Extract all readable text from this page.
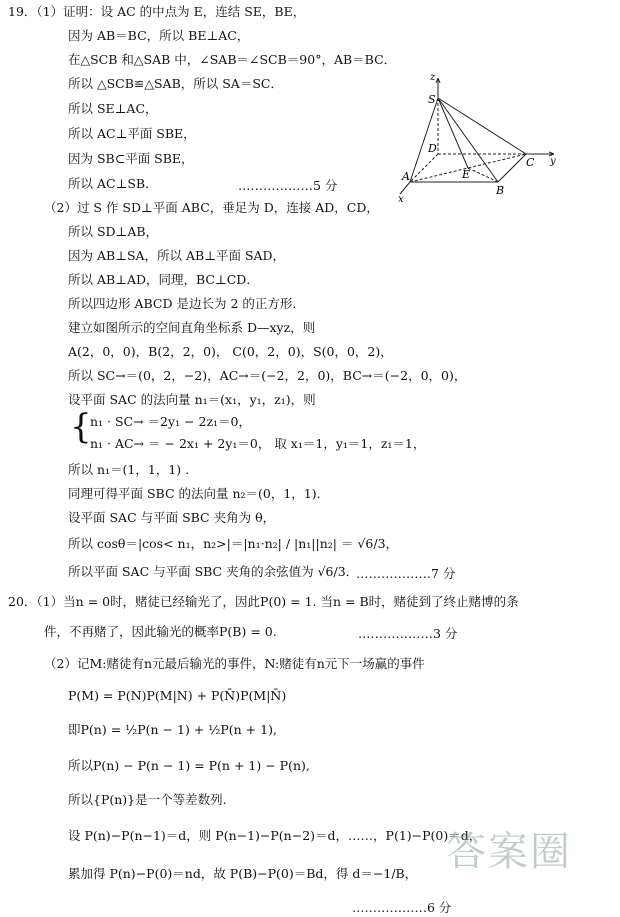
19．（1）证明：设 AC 的中点为 E，连结 SE，BE，
因为 AB＝BC，所以 BE⊥AC，
在△SCB 和△SAB 中，∠SAB＝∠SCB＝90°，AB＝BC．
所以 △SCB≌△SAB，所以 SA＝SC．
所以 SE⊥AC，
所以 AC⊥平面 SBE，
因为 SB⊂平面 SBE，
所以 AC⊥SB．	………………5 分
z
S
D
C y
A	E
B
x
（2）过 S 作 SD⊥平面 ABC，垂足为 D，连接 AD，CD，
所以 SD⊥AB，
因为 AB⊥SA，所以 AB⊥平面 SAD，
所以 AB⊥AD，同理，BC⊥CD．
所以四边形 ABCD 是边长为 2 的正方形．
建立如图所示的空间直角坐标系 D—xyz，则
A(2，0，0)，B(2，2，0)， C(0，2，0)，S(0，0，2)，
所以 SC→＝(0，2，−2)，AC→＝(−2，2，0)，BC→＝(−2，0，0)，
设平面 SAC 的法向量 n₁＝(x₁，y₁，z₁)，则
{
n₁ · SC→ ＝2y₁ − 2z₁＝0，
n₁ · AC→ ＝ − 2x₁ + 2y₁＝0， 取 x₁＝1，y₁＝1，z₁＝1，
所以 n₁＝(1，1，1) .
同理可得平面 SBC 的法向量 n₂＝(0，1，1)．
设平面 SAC 与平面 SBC 夹角为 θ，
所以 cosθ＝|cos< n₁，n₂>|＝|n₁·n₂| / |n₁||n₂| ＝ √6/3，
所以平面 SAC 与平面 SBC 夹角的余弦值为 √6/3．
………………7 分
20．（1）当n = 0时，赌徒已经输光了，因此P(0) = 1. 当n = B时，赌徒到了终止赌博的条
件，不再赌了，因此输光的概率P(B) = 0.	………………3 分
（2）记M:赌徒有n元最后输光的事件，N:赌徒有n元下一场赢的事件
P(M) = P(N)P(M|N) + P(N̄)P(M|N̄)
即P(n) = ½P(n − 1) + ½P(n + 1),
所以P(n) − P(n − 1) = P(n + 1) − P(n),
所以{P(n)}是一个等差数列.
设 P(n)−P(n−1)＝d，则 P(n−1)−P(n−2)＝d，……，P(1)−P(0)＝d，
累加得 P(n)−P(0)＝nd，故 P(B)−P(0)＝Bd，得 d＝−1/B，
………………6 分
答案圈
